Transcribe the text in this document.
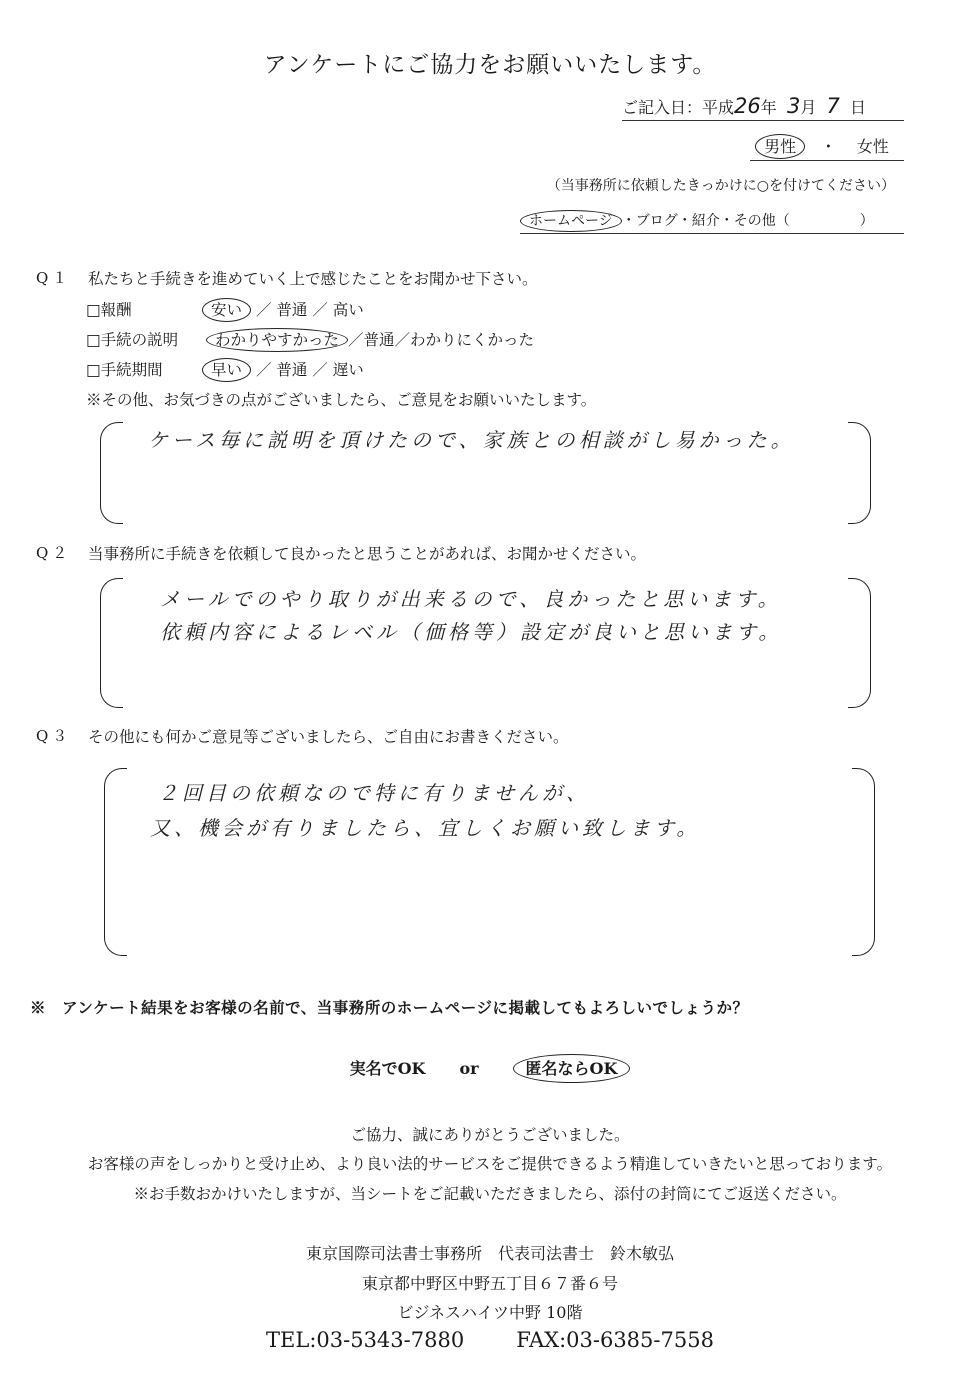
アンケートにご協力をお願いいたします。
ご記入日：平成26年 3月 7 日
男性 ・ 女性
（当事務所に依頼したきっかけに○を付けてください）
ホームページ ・ブログ・紹介・その他（　　　　　）
Q１ 私たちと手続きを進めていく上で感じたことをお聞かせ下さい。
□報酬	安い ／ 普通 ／ 高い
□手続の説明 わかりやすかった ／普通／わかりにくかった
□手続期間	早い ／ 普通 ／ 遅い
※その他、お気づきの点がございましたら、ご意見をお願いいたします。
ケース毎に説明を頂けたので、家族との相談がし易かった。
Q２ 当事務所に手続きを依頼して良かったと思うことがあれば、お聞かせください。
メールでのやり取りが出来るので、良かったと思います。
依頼内容によるレベル（価格等）設定が良いと思います。
Q３ その他にも何かご意見等ございましたら、ご自由にお書きください。
２回目の依頼なので特に有りませんが、
又、機会が有りましたら、宜しくお願い致します。
※　アンケート結果をお客様の名前で、当事務所のホームページに掲載してもよろしいでしょうか？
実名でOK or	匿名ならOK
ご協力、誠にありがとうございました。
お客様の声をしっかりと受け止め、より良い法的サービスをご提供できるよう精進していきたいと思っております。
※お手数おかけいたしますが、当シートをご記載いただきましたら、添付の封筒にてご返送ください。
東京国際司法書士事務所　代表司法書士　鈴木敏弘
東京都中野区中野五丁目６７番６号
ビジネスハイツ中野 10階
TEL:03-5343-7880 FAX:03-6385-7558
